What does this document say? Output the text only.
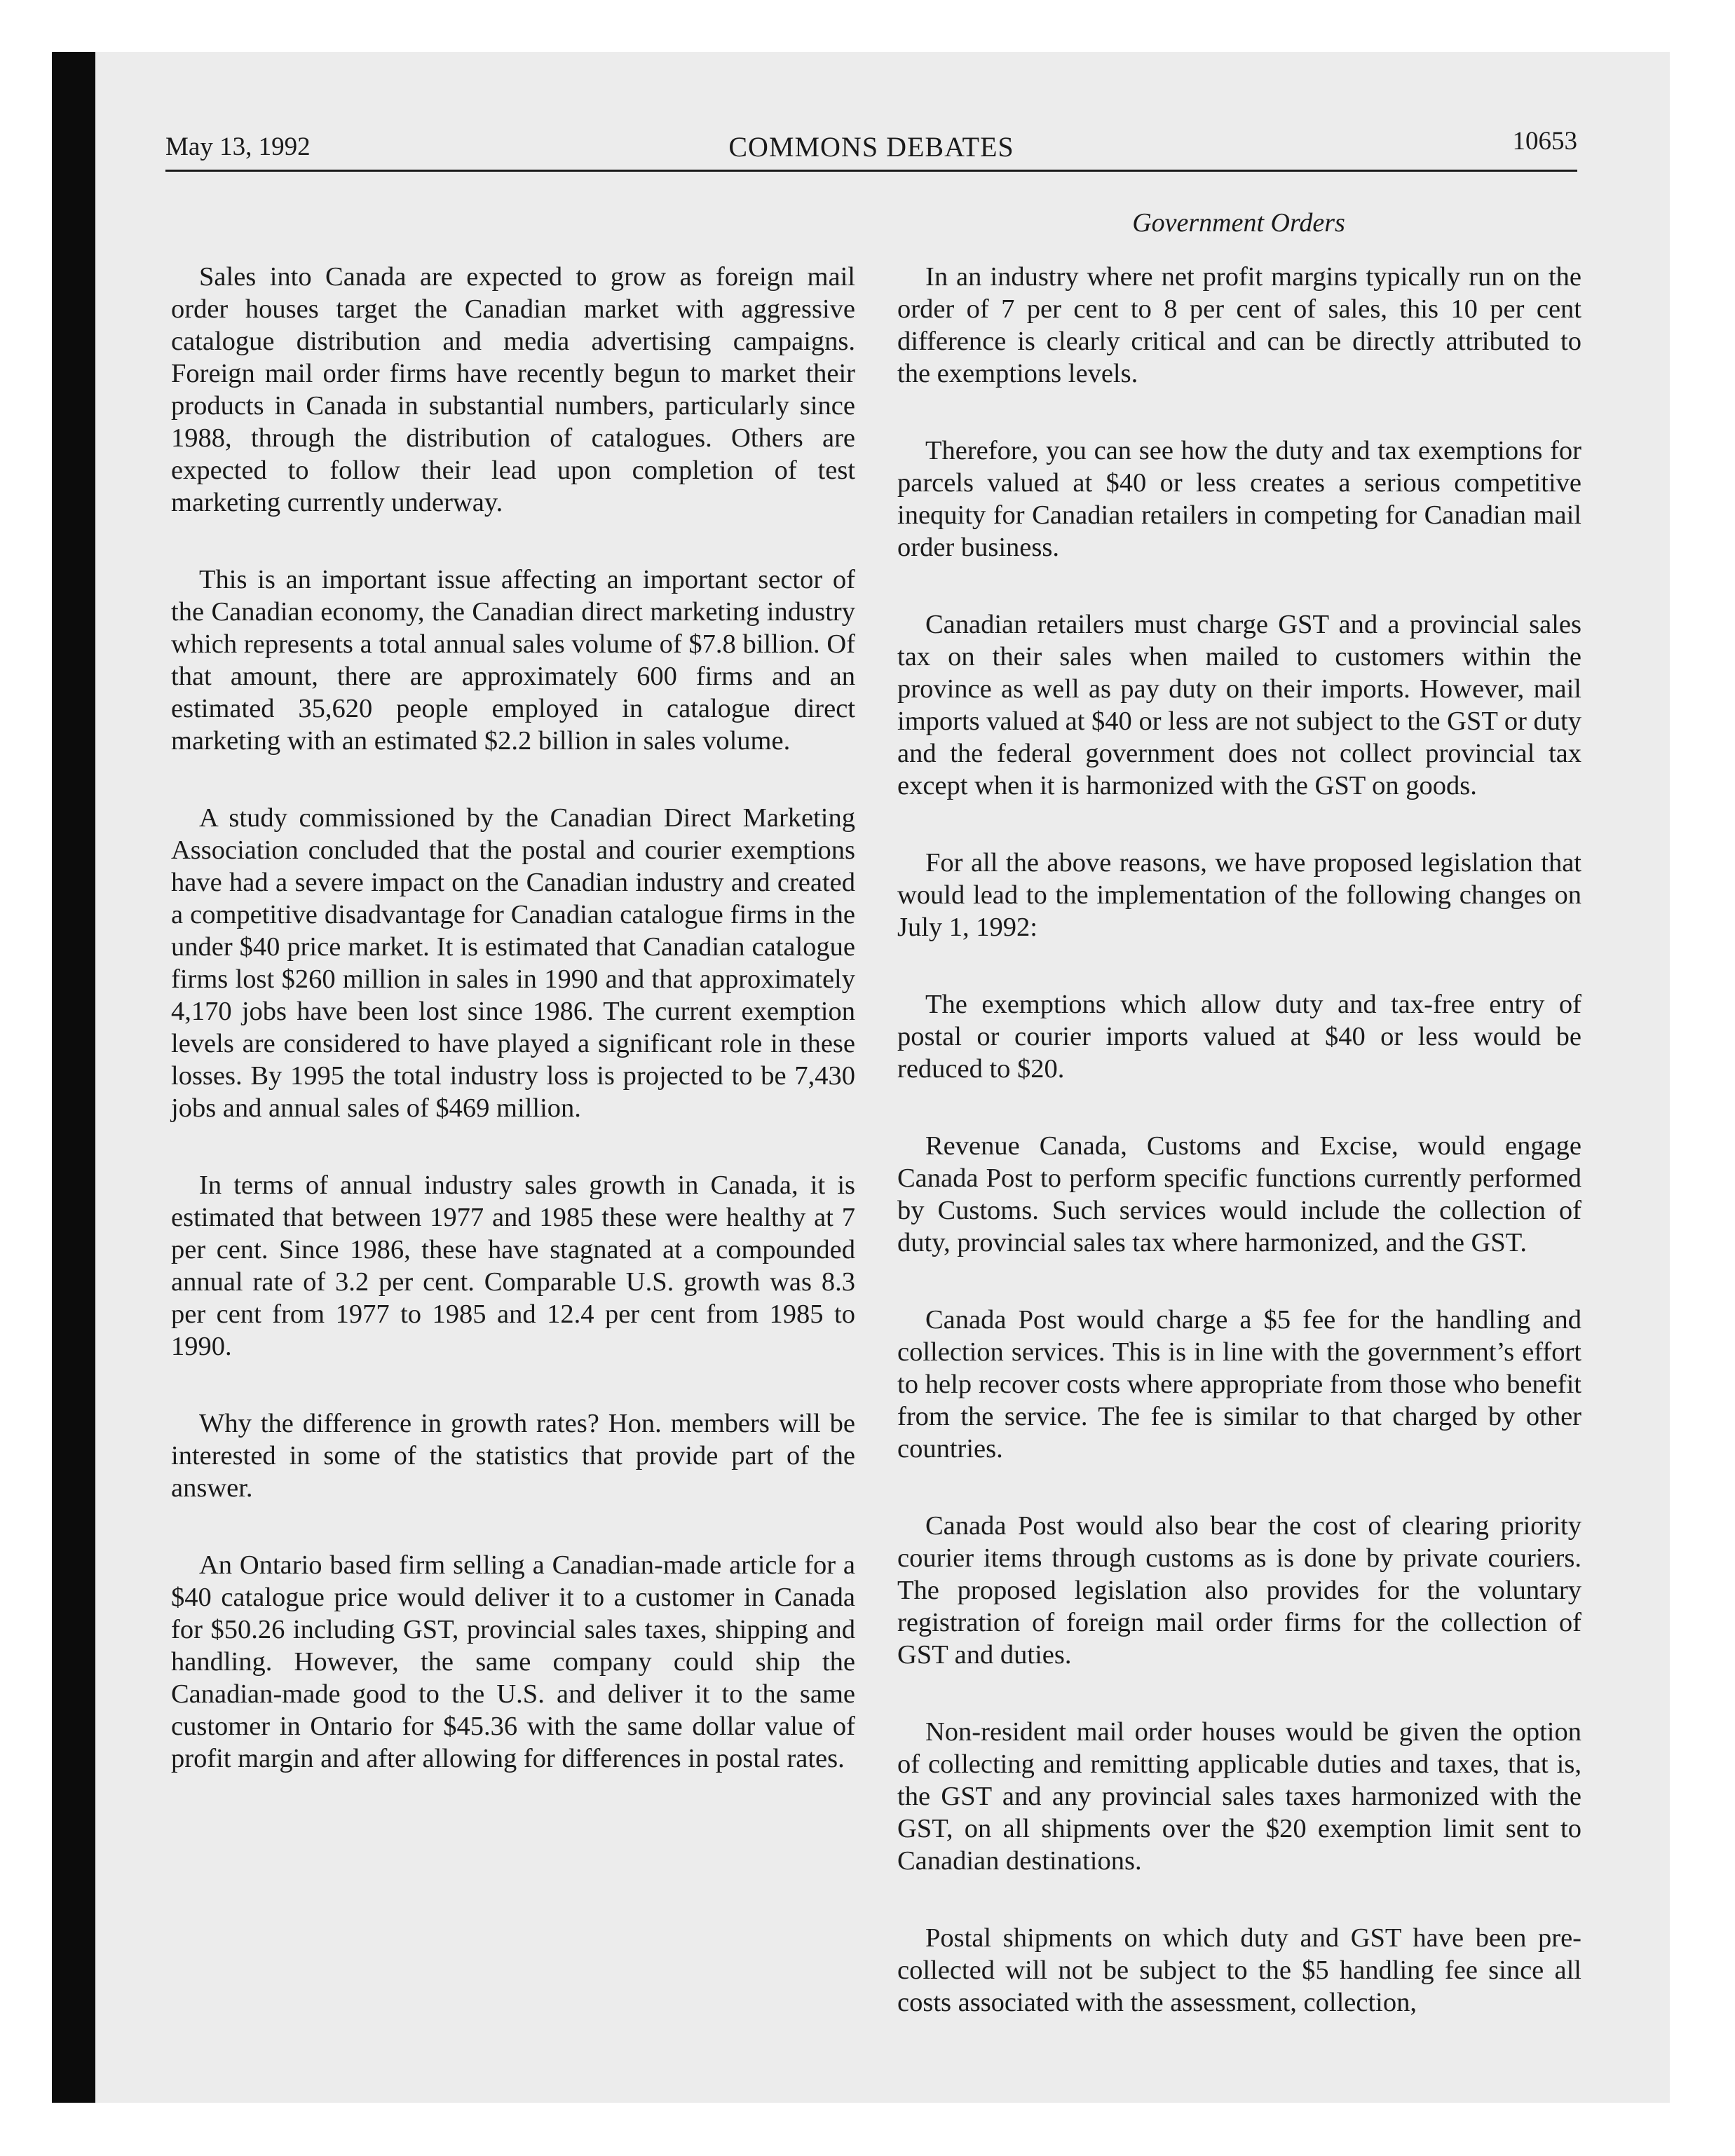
May 13, 1992	COMMONS DEBATES	10653
Government Orders

Sales into Canada are expected to grow as foreign mail order houses target the Canadian market with aggressive catalogue distribution and media advertising campaigns. Foreign mail order firms have recently begun to market their products in Canada in substantial numbers, particularly since 1988, through the distribution of catalogues. Others are expected to follow their lead upon completion of test marketing currently underway.

This is an important issue affecting an important sector of the Canadian economy, the Canadian direct marketing industry which represents a total annual sales volume of $7.8 billion. Of that amount, there are approximately 600 firms and an estimated 35,620 people employed in catalogue direct marketing with an estimated $2.2 billion in sales volume.

A study commissioned by the Canadian Direct Marketing Association concluded that the postal and courier exemptions have had a severe impact on the Canadian industry and created a competitive disadvantage for Canadian catalogue firms in the under $40 price market. It is estimated that Canadian catalogue firms lost $260 million in sales in 1990 and that approximately 4,170 jobs have been lost since 1986. The current exemption levels are considered to have played a significant role in these losses. By 1995 the total industry loss is projected to be 7,430 jobs and annual sales of $469 million.

In terms of annual industry sales growth in Canada, it is estimated that between 1977 and 1985 these were healthy at 7 per cent. Since 1986, these have stagnated at a compounded annual rate of 3.2 per cent. Comparable U.S. growth was 8.3 per cent from 1977 to 1985 and 12.4 per cent from 1985 to 1990.

Why the difference in growth rates? Hon. members will be interested in some of the statistics that provide part of the answer.

An Ontario based firm selling a Canadian-made article for a $40 catalogue price would deliver it to a customer in Canada for $50.26 including GST, provincial sales taxes, shipping and handling. However, the same company could ship the Canadian-made good to the U.S. and deliver it to the same customer in Ontario for $45.36 with the same dollar value of profit margin and after allowing for differences in postal rates.

In an industry where net profit margins typically run on the order of 7 per cent to 8 per cent of sales, this 10 per cent difference is clearly critical and can be directly attributed to the exemptions levels.

Therefore, you can see how the duty and tax exemptions for parcels valued at $40 or less creates a serious competitive inequity for Canadian retailers in competing for Canadian mail order business.

Canadian retailers must charge GST and a provincial sales tax on their sales when mailed to customers within the province as well as pay duty on their imports. However, mail imports valued at $40 or less are not subject to the GST or duty and the federal government does not collect provincial tax except when it is harmonized with the GST on goods.

For all the above reasons, we have proposed legislation that would lead to the implementation of the following changes on July 1, 1992:

The exemptions which allow duty and tax-free entry of postal or courier imports valued at $40 or less would be reduced to $20.

Revenue Canada, Customs and Excise, would engage Canada Post to perform specific functions currently performed by Customs. Such services would include the collection of duty, provincial sales tax where harmonized, and the GST.

Canada Post would charge a $5 fee for the handling and collection services. This is in line with the government’s effort to help recover costs where appropriate from those who benefit from the service. The fee is similar to that charged by other countries.

Canada Post would also bear the cost of clearing priority courier items through customs as is done by private couriers. The proposed legislation also provides for the voluntary registration of foreign mail order firms for the collection of GST and duties.

Non-resident mail order houses would be given the option of collecting and remitting applicable duties and taxes, that is, the GST and any provincial sales taxes harmonized with the GST, on all shipments over the $20 exemption limit sent to Canadian destinations.

Postal shipments on which duty and GST have been pre-collected will not be subject to the $5 handling fee since all costs associated with the assessment, collection,
